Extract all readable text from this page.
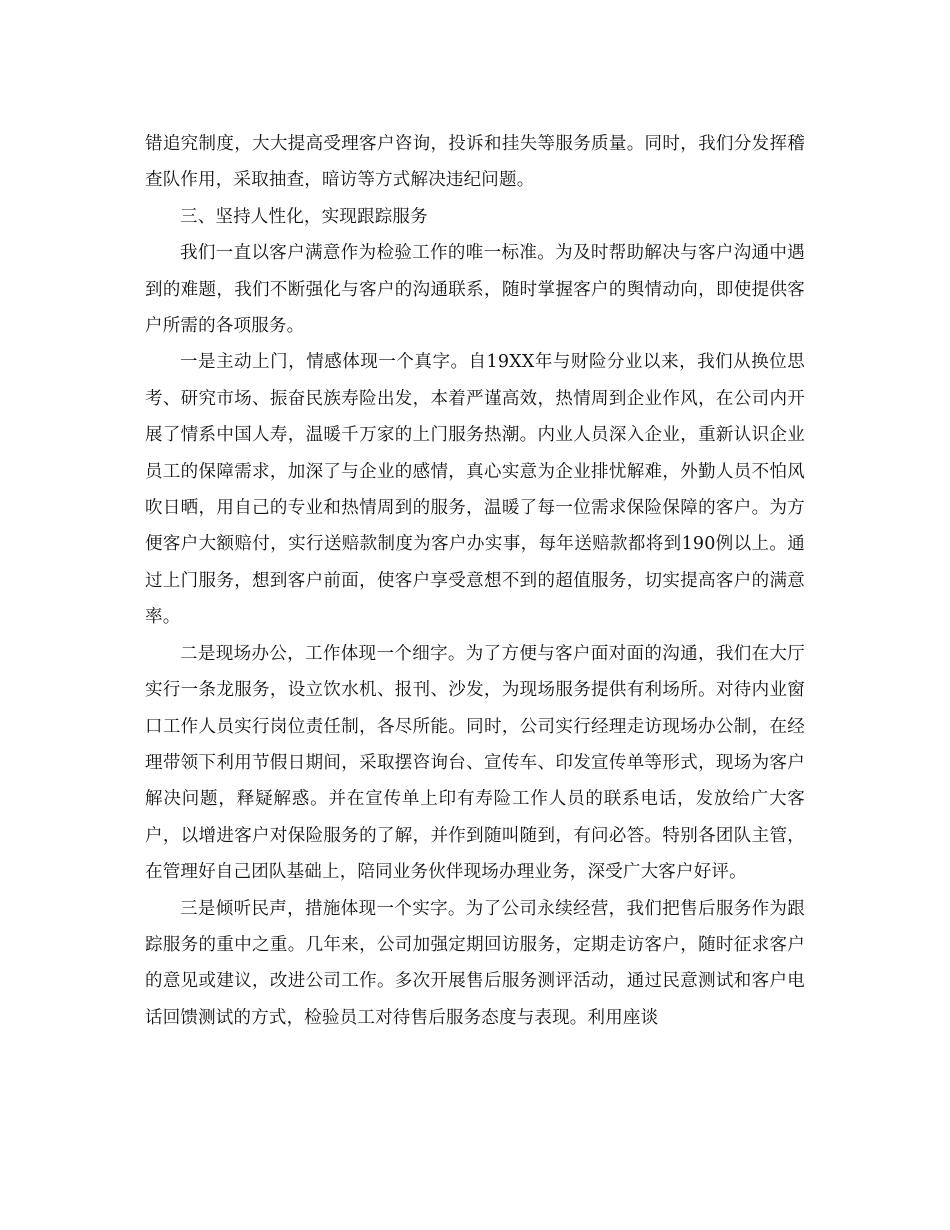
错追究制度，大大提高受理客户咨询，投诉和挂失等服务质量。同时，我们分发挥稽查队作用，采取抽查，暗访等方式解决违纪问题。

三、坚持人性化，实现跟踪服务

我们一直以客户满意作为检验工作的唯一标准。为及时帮助解决与客户沟通中遇到的难题，我们不断强化与客户的沟通联系，随时掌握客户的舆情动向，即使提供客户所需的各项服务。

一是主动上门，情感体现一个真字。自19XX年与财险分业以来，我们从换位思考、研究市场、振奋民族寿险出发，本着严谨高效，热情周到企业作风，在公司内开展了情系中国人寿，温暖千万家的上门服务热潮。内业人员深入企业，重新认识企业员工的保障需求，加深了与企业的感情，真心实意为企业排忧解难，外勤人员不怕风吹日晒，用自己的专业和热情周到的服务，温暖了每一位需求保险保障的客户。为方便客户大额赔付，实行送赔款制度为客户办实事，每年送赔款都将到190例以上。通过上门服务，想到客户前面，使客户享受意想不到的超值服务，切实提高客户的满意率。

二是现场办公，工作体现一个细字。为了方便与客户面对面的沟通，我们在大厅实行一条龙服务，设立饮水机、报刊、沙发，为现场服务提供有利场所。对待内业窗口工作人员实行岗位责任制，各尽所能。同时，公司实行经理走访现场办公制，在经理带领下利用节假日期间，采取摆咨询台、宣传车、印发宣传单等形式，现场为客户解决问题，释疑解惑。并在宣传单上印有寿险工作人员的联系电话，发放给广大客户，以增进客户对保险服务的了解，并作到随叫随到，有问必答。特别各团队主管，在管理好自己团队基础上，陪同业务伙伴现场办理业务，深受广大客户好评。

三是倾听民声，措施体现一个实字。为了公司永续经营，我们把售后服务作为跟踪服务的重中之重。几年来，公司加强定期回访服务，定期走访客户，随时征求客户的意见或建议，改进公司工作。多次开展售后服务测评活动，通过民意测试和客户电话回馈测试的方式，检验员工对待售后服务态度与表现。利用座谈
